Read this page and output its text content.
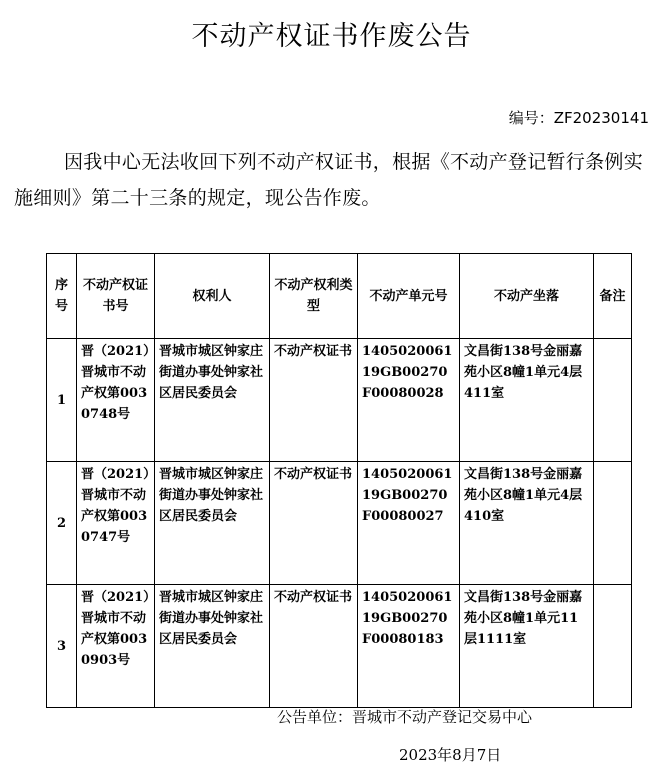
不动产权证书作废公告
编号：ZF20230141

因我中心无法收回下列不动产权证书，根据《不动产登记暂行条例实施细则》第二十三条的规定，现公告作废。

序号	不动产权证书号	权利人	不动产权利类型	不动产单元号	不动产坐落	备注
1	晋（2021）晋城市不动产权第0030748号	晋城市城区钟家庄街道办事处钟家社区居民委员会	不动产权证书	140502006119GB00270F00080028	文昌街138号金丽嘉苑小区8幢1单元4层411室	
2	晋（2021）晋城市不动产权第0030747号	晋城市城区钟家庄街道办事处钟家社区居民委员会	不动产权证书	140502006119GB00270F00080027	文昌街138号金丽嘉苑小区8幢1单元4层410室	
3	晋（2021）晋城市不动产权第0030903号	晋城市城区钟家庄街道办事处钟家社区居民委员会	不动产权证书	140502006119GB00270F00080183	文昌街138号金丽嘉苑小区8幢1单元11层1111室	
公告单位：晋城市不动产登记交易中心
2023年8月7日
